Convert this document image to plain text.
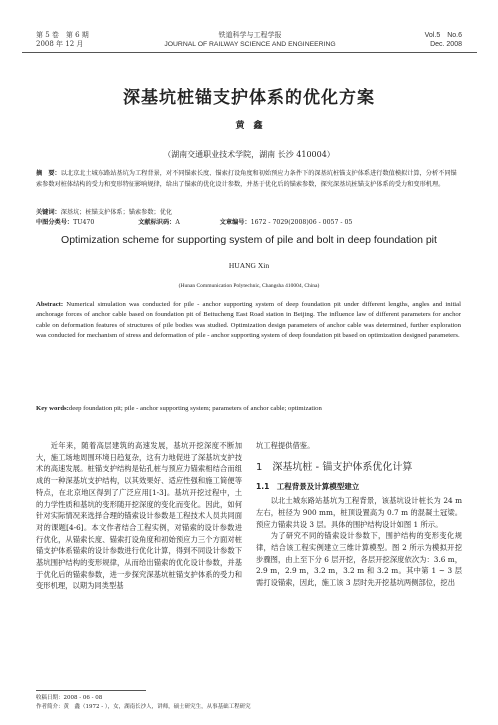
第 5 卷　第 6 期
2008 年 12 月
铁道科学与工程学报
JOURNAL OF RAILWAY SCIENCE AND ENGINEERING
Vol.5　No.6
Dec. 2008
深基坑桩锚支护体系的优化方案
黄　鑫
（湖南交通职业技术学院，湖南 长沙 410004）
摘　要：以北京北土城东路站基坑为工程背景，对不同锚索长度、锚索打设角度和初始预应力条件下的深基坑桩锚支护体系进行数值模拟计算，分析不同锚索参数对桩体结构的受力和变形特征影响规律，给出了锚索的优化设计参数，并基于优化后的锚索参数，探究深基坑桩锚支护体系的受力和变形机理。
关键词：深基坑；桩锚支护体系；锚索参数；优化
中图分类号：TU470	文献标识码：A	文章编号：1672 - 7029(2008)06 - 0057 - 05
Optimization scheme for supporting system of pile and bolt in deep foundation pit
HUANG Xin
(Hunan Communication Polytechnic, Changsha 410004, China)
Abstract: Numerical simulation was conducted for pile - anchor supporting system of deep foundation pit under different lengths, angles and initial anchorage forces of anchor cable based on foundation pit of Beitucheng East Road station in Beijing. The influence law of different parameters for anchor cable on deformation features of structures of pile bodies was studied. Optimization design parameters of anchor cable was determined, further exploration was conducted for mechanism of stress and deformation of pile - anchor supporting system of deep foundation pit based on optimization designed parameters.
Key words:deep foundation pit; pile - anchor supporting system; parameters of anchor cable; optimization

近年来，随着高层建筑的高速发展，基坑开挖深度不断加大，施工场地周围环境日趋复杂，这有力地促进了深基坑支护技术的高速发展。桩锚支护结构是钻孔桩与预应力锚索相结合而组成的一种深基坑支护结构，以其效果好、适应性强和施工简便等特点，在北京地区得到了广泛应用[1-3]。基坑开挖过程中，土的力学性质和基坑的变形随开挖深度的变化而变化。因此，如何针对实际情况来选择合理的锚索设计参数是工程技术人员共同面对的课题[4-6]。本文作者结合工程实例，对锚索的设计参数进行优化，从锚索长度、锚索打设角度和初始预应力三个方面对桩锚支护体系锚索的设计参数进行优化计算，得到不同设计参数下基坑围护结构的变形规律，从而给出锚索的优化设计参数，并基于优化后的锚索参数，进一步探究深基坑桩锚支护体系的受力和变形机理，以期为同类型基

坑工程提供借鉴。
1　深基坑桩 - 锚支护体系优化计算
1.1　工程背景及计算模型建立

以北土城东路站基坑为工程背景，该基坑设计桩长为 24 m 左右，桩径为 900 mm，桩顶设置高为 0.7 m 的混凝土冠梁。预应力锚索共设 3 层。具体的围护结构设计如图 1 所示。

为了研究不同的锚索设计参数下，围护结构的变形变化规律，结合该工程实例建立三维计算模型。图 2 所示为模拟开挖步骤图，由上至下分 6 层开挖，各层开挖深度依次为：3.6 m，2.9 m，2.9 m，3.2 m，3.2 m 和 3.2 m。其中第 1 ~ 3 层需打设锚索，因此，施工该 3 层时先开挖基坑两侧部位，挖出

收稿日期：2008 - 06 - 08
作者简介：黄　鑫（1972 - ），女，湖南长沙人，讲师，硕士研究生，从事基础工程研究
